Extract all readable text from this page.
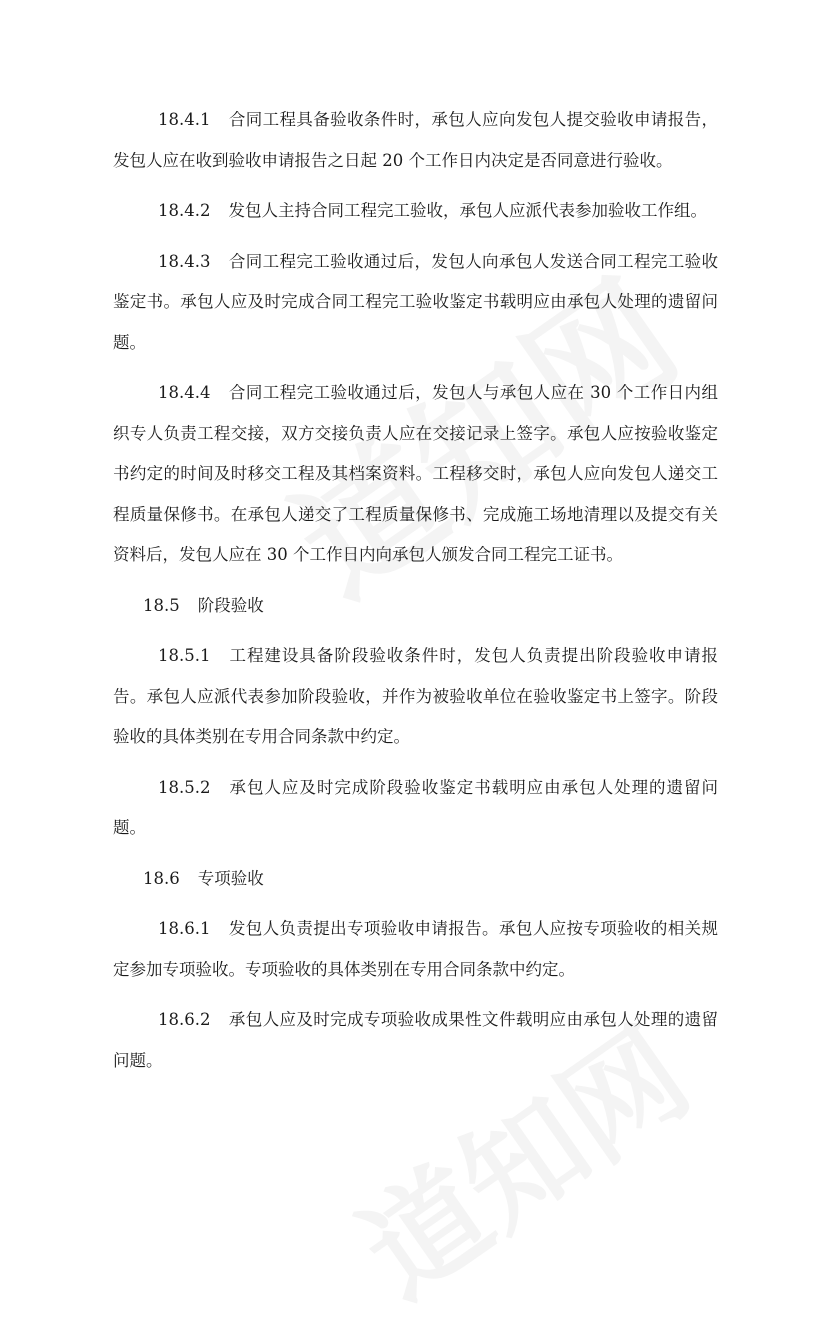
18.4.1 合同工程具备验收条件时，承包人应向发包人提交验收申请报告，发包人应在收到验收申请报告之日起 20 个工作日内决定是否同意进行验收。

18.4.2 发包人主持合同工程完工验收，承包人应派代表参加验收工作组。

18.4.3 合同工程完工验收通过后，发包人向承包人发送合同工程完工验收鉴定书。承包人应及时完成合同工程完工验收鉴定书载明应由承包人处理的遗留问题。

18.4.4 合同工程完工验收通过后，发包人与承包人应在 30 个工作日内组织专人负责工程交接，双方交接负责人应在交接记录上签字。承包人应按验收鉴定书约定的时间及时移交工程及其档案资料。工程移交时，承包人应向发包人递交工程质量保修书。在承包人递交了工程质量保修书、完成施工场地清理以及提交有关资料后，发包人应在 30 个工作日内向承包人颁发合同工程完工证书。

18.5 阶段验收

18.5.1 工程建设具备阶段验收条件时，发包人负责提出阶段验收申请报告。承包人应派代表参加阶段验收，并作为被验收单位在验收鉴定书上签字。阶段验收的具体类别在专用合同条款中约定。

18.5.2 承包人应及时完成阶段验收鉴定书载明应由承包人处理的遗留问题。

18.6 专项验收

18.6.1 发包人负责提出专项验收申请报告。承包人应按专项验收的相关规定参加专项验收。专项验收的具体类别在专用合同条款中约定。

18.6.2 承包人应及时完成专项验收成果性文件载明应由承包人处理的遗留问题。
